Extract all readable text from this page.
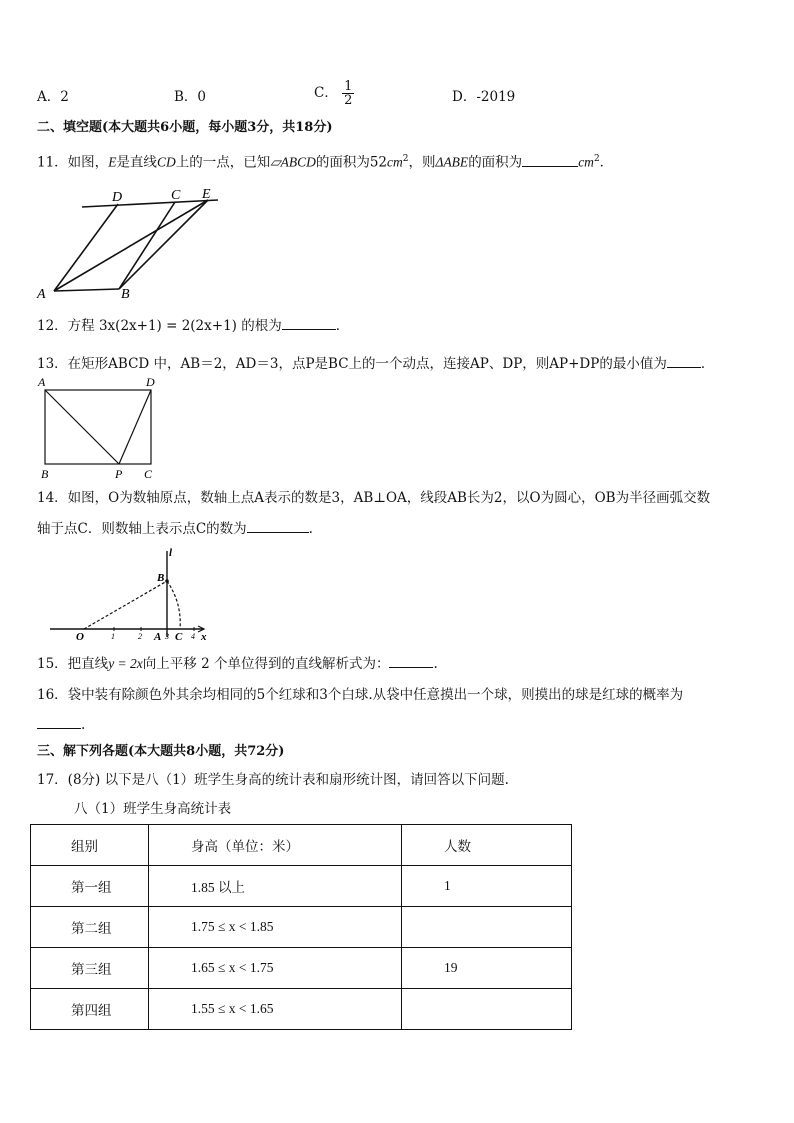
A．2	B．0	C． $\frac{1}{2}$	D．-2019
二、填空题(本大题共6小题，每小题3分，共18分)
11．如图，E是直线CD上的一点，已知▱ABCD的面积为$52cm^2$，则ΔABE的面积为	$cm^2$．
D	C E
A	B
12．方程 3x(2x+1) = 2(2x+1) 的根为	．
13．在矩形ABCD 中，AB＝2，AD＝3，点P是BC上的一个动点，连接AP、DP，则AP+DP的最小值为	．
A	D
B	P C
14．如图，O为数轴原点，数轴上点A表示的数是3，AB⊥OA，线段AB长为2，以O为圆心，OB为半径画弧交数
轴于点C．则数轴上表示点C的数为	.
l
B
O	1	2 A 3 C 4 x
15．把直线y = 2x向上平移 2 个单位得到的直线解析式为：	.
16．袋中装有除颜色外其余均相同的5个红球和3个白球.从袋中任意摸出一个球，则摸出的球是红球的概率为
.
三、解下列各题(本大题共8小题，共72分)
17．(8分) 以下是八（1）班学生身高的统计表和扇形统计图，请回答以下问题.
八（1）班学生身高统计表
组别	身高（单位：米）	人数
第一组	1.85 以上	1
第二组	1.75 ≤ x < 1.85	
第三组	1.65 ≤ x < 1.75	19
第四组	1.55 ≤ x < 1.65	
